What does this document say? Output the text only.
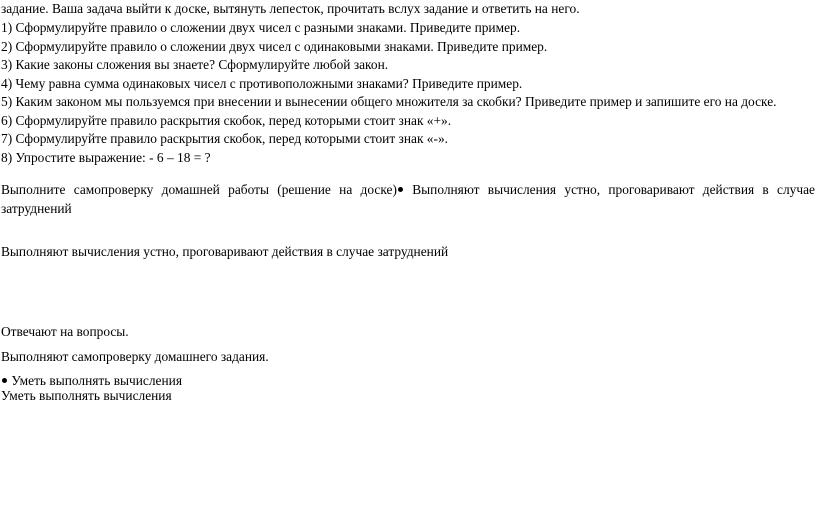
задание. Ваша задача выйти к доске, вытянуть лепесток, прочитать вслух задание и ответить на него.
1) Сформулируйте правило о сложении двух чисел с разными знаками. Приведите пример.
2) Сформулируйте правило о сложении двух чисел с одинаковыми знаками. Приведите пример.
3) Какие законы сложения вы знаете? Сформулируйте любой закон.
4) Чему равна сумма одинаковых чисел с противоположными знаками? Приведите пример.
5) Каким законом мы пользуемся при внесении и вынесении общего множителя за скобки? Приведите пример и запишите его на доске.
6) Сформулируйте правило раскрытия скобок, перед которыми стоит знак «+».
7) Сформулируйте правило раскрытия скобок, перед которыми стоит знак «-».
8) Упростите выражение: - 6 – 18 = ?
Выполните самопроверку домашней работы (решение на доске) Выполняют вычисления устно, проговаривают действия в случае затруднений
Выполняют вычисления устно, проговаривают действия в случае затруднений
Отвечают на вопросы.
Выполняют самопроверку домашнего задания.
Уметь выполнять вычисления
Уметь выполнять вычисления
